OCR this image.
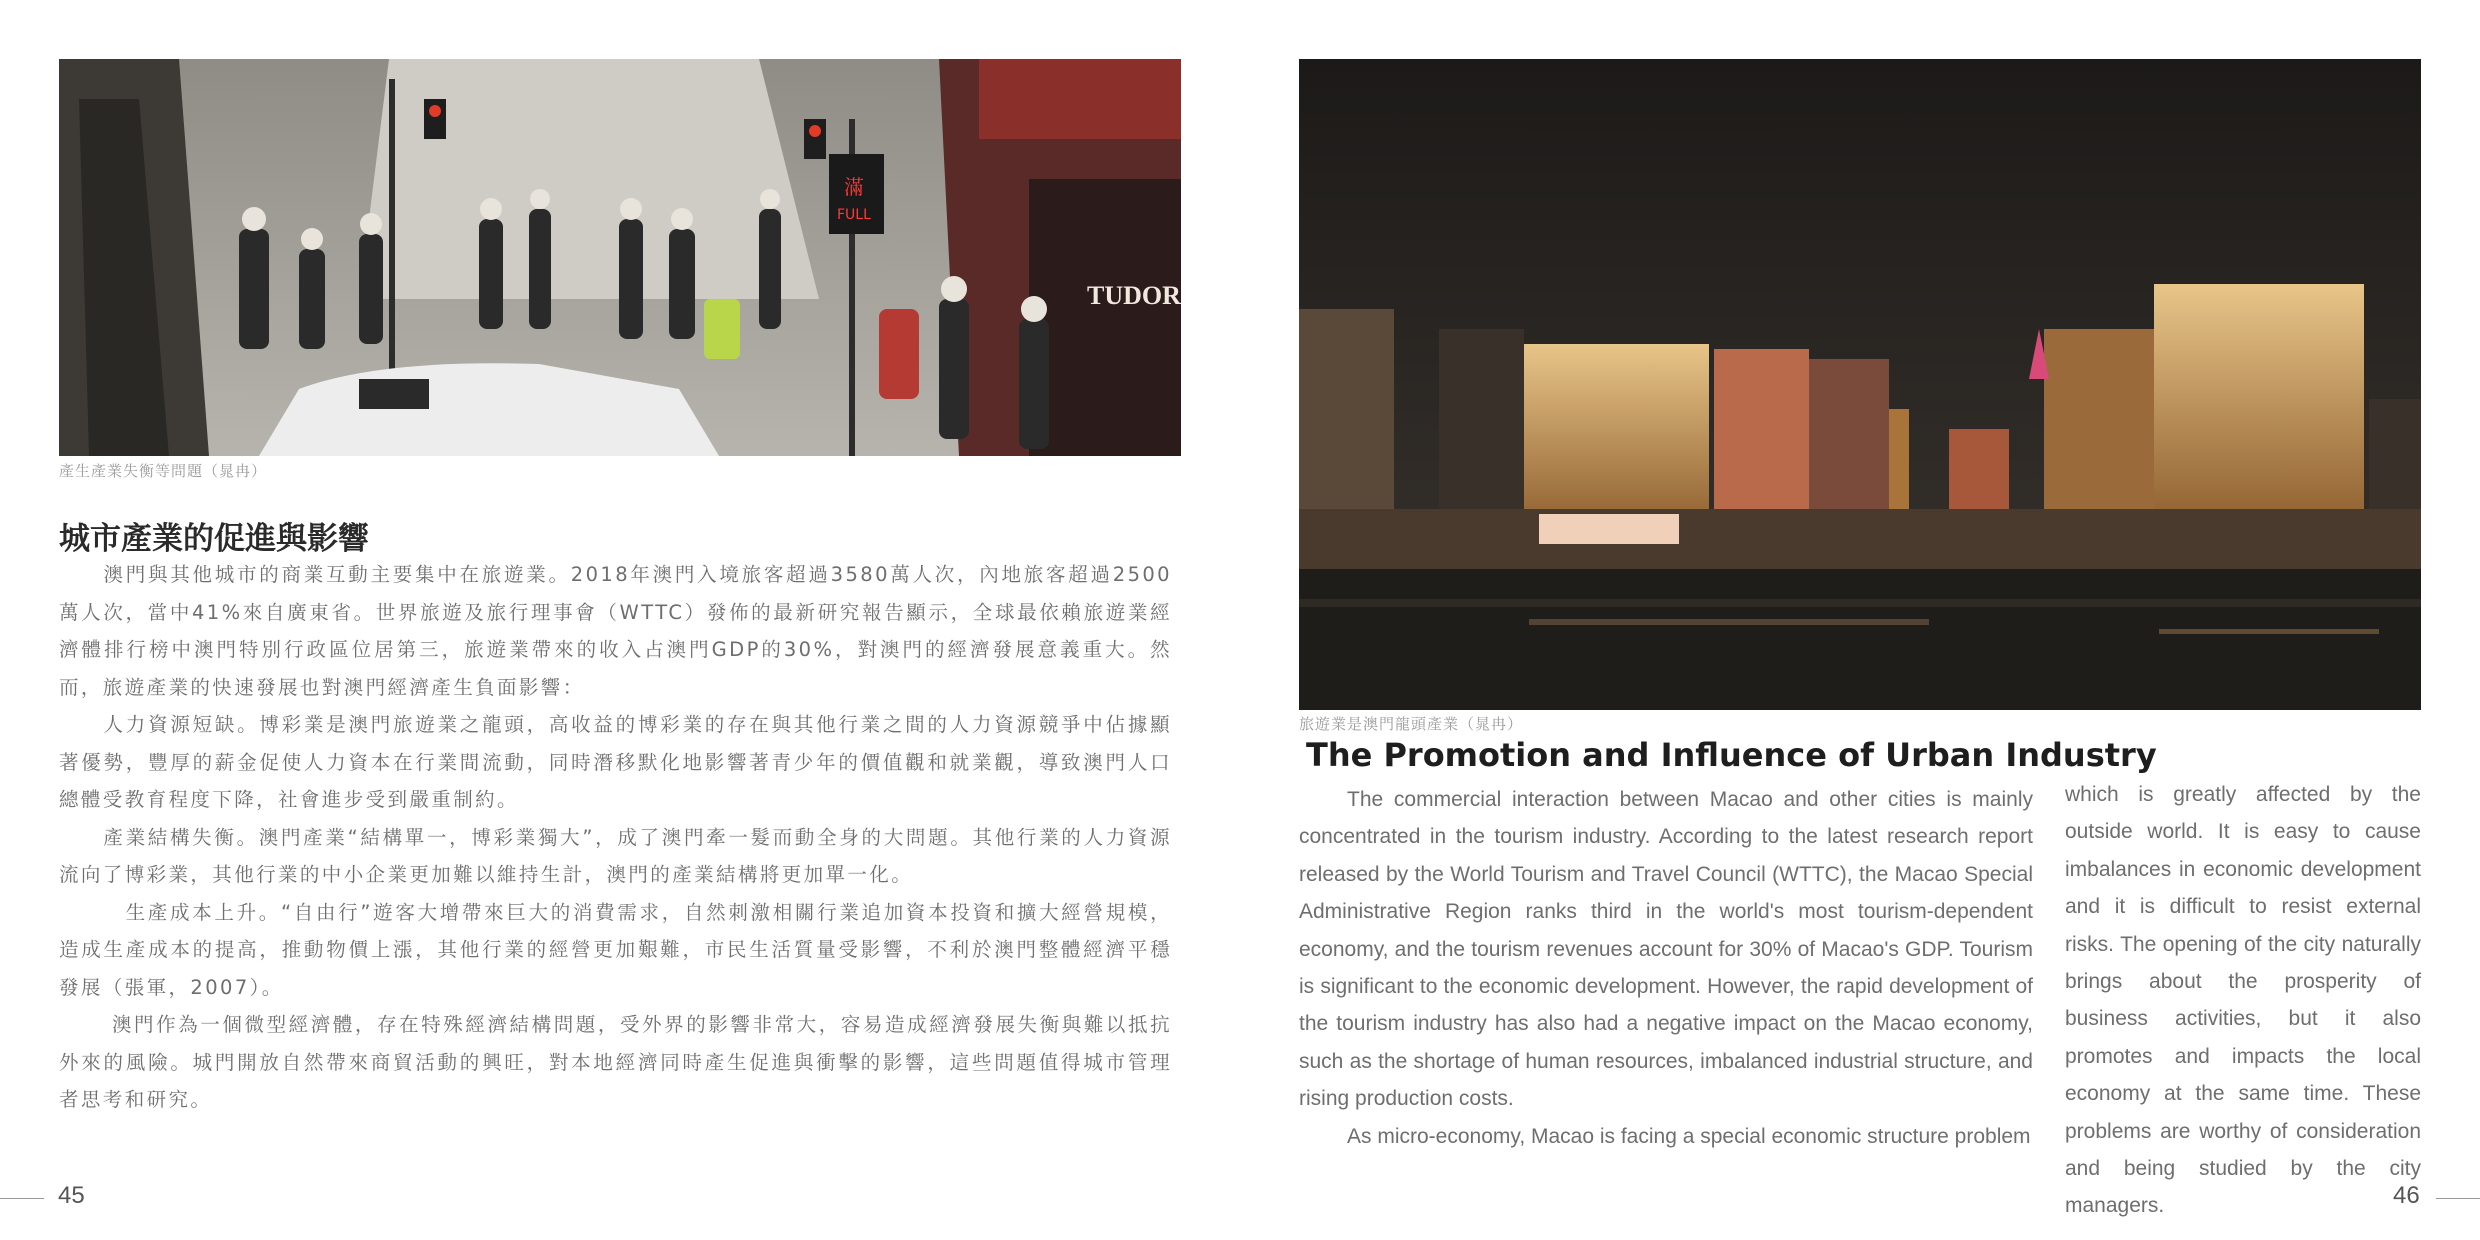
TUDOR
滿
FULL
產生產業失衡等問題（晁冉）
城市產業的促進與影響

　　澳門與其他城市的商業互動主要集中在旅遊業。2018年澳門入境旅客超過3580萬人次，內地旅客超過2500萬人次，當中41%來自廣東省。世界旅遊及旅行理事會（WTTC）發佈的最新研究報告顯示，全球最依賴旅遊業經濟體排行榜中澳門特別行政區位居第三，旅遊業帶來的收入占澳門GDP的30%，對澳門的經濟發展意義重大。然而，旅遊產業的快速發展也對澳門經濟產生負面影響：

　　人力資源短缺。博彩業是澳門旅遊業之龍頭，高收益的博彩業的存在與其他行業之間的人力資源競爭中佔據顯著優勢，豐厚的薪金促使人力資本在行業間流動，同時潛移默化地影響著青少年的價值觀和就業觀，導致澳門人口總體受教育程度下降，社會進步受到嚴重制約。

　　產業結構失衡。澳門產業“結構單一，博彩業獨大”，成了澳門牽一髮而動全身的大問題。其他行業的人力資源流向了博彩業，其他行業的中小企業更加難以維持生計，澳門的產業結構將更加單一化。

　　　生產成本上升。“自由行”遊客大增帶來巨大的消費需求，自然刺激相關行業追加資本投資和擴大經營規模，造成生產成本的提高，推動物價上漲，其他行業的經營更加艱難，市民生活質量受影響，不利於澳門整體經濟平穩發展（張軍，2007）。

　　 澳門作為一個微型經濟體，存在特殊經濟結構問題，受外界的影響非常大，容易造成經濟發展失衡與難以抵抗外來的風險。城門開放自然帶來商貿活動的興旺，對本地經濟同時產生促進與衝擊的影響，這些問題值得城市管理者思考和研究。

45
旅遊業是澳門龍頭產業（晁冉）
The Promotion and Influence of Urban Industry

The commercial interaction between Macao and other cities is mainly concentrated in the tourism industry. According to the latest research report released by the World Tourism and Travel Council (WTTC), the Macao Special Administrative Region ranks third in the world's most tourism-dependent economy, and the tourism revenues account for 30% of Macao's GDP. Tourism is significant to the economic development. However, the rapid development of the tourism industry has also had a negative impact on the Macao economy, such as the shortage of human resources, imbalanced industrial structure, and rising production costs.

As micro-economy, Macao is facing a special economic structure problem

which is greatly affected by the outside world. It is easy to cause imbalances in economic development and it is difficult to resist external risks. The opening of the city naturally brings about the prosperity of business activities, but it also promotes and impacts the local economy at the same time. These problems are worthy of consideration and being studied by the city managers.	46
